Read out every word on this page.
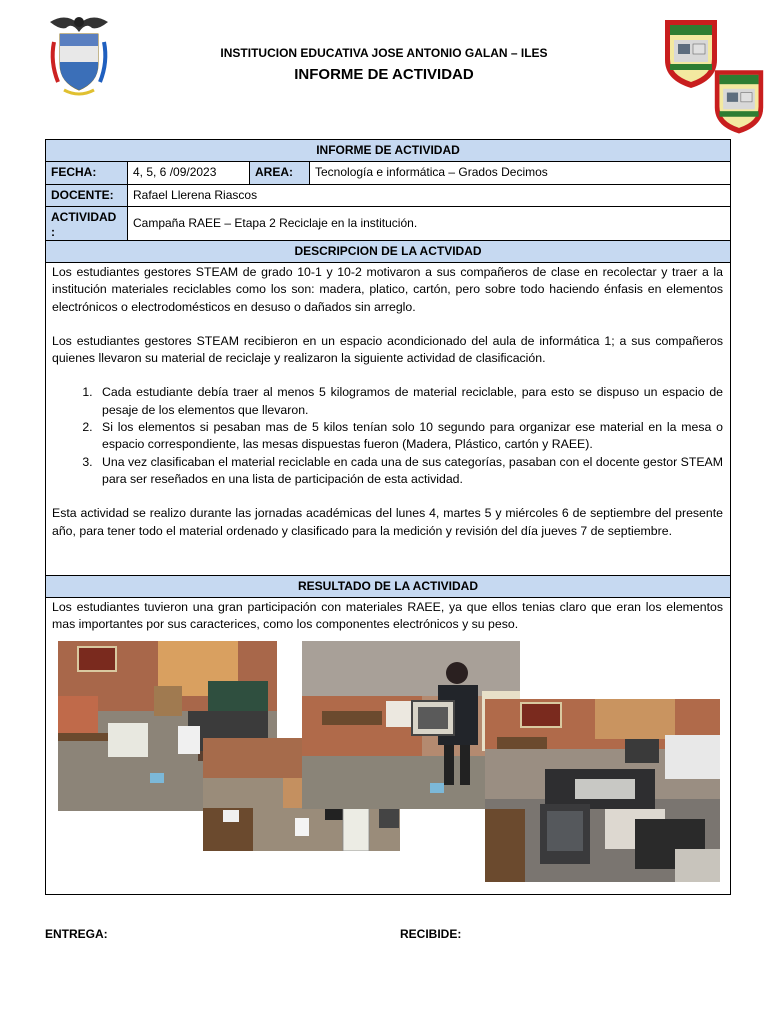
INSTITUCION EDUCATIVA JOSE ANTONIO GALAN – ILES
INFORME DE ACTIVIDAD
INFORME DE ACTIVIDAD
FECHA:	4, 5, 6 /09/2023	AREA:	Tecnología e informática – Grados Decimos
DOCENTE:	Rafael Llerena Riascos
ACTIVIDAD :
Campaña RAEE – Etapa 2 Reciclaje en la institución.
DESCRIPCION DE LA ACTVIDAD

Los estudiantes gestores STEAM de grado 10-1 y 10-2 motivaron a sus compañeros de clase en recolectar y traer a la institución materiales reciclables como los son: madera, platico, cartón, pero sobre todo haciendo énfasis en elementos electrónicos o electrodomésticos en desuso o dañados sin arreglo.

Los estudiantes gestores STEAM recibieron en un espacio acondicionado del aula de informática 1; a sus compañeros quienes llevaron su material de reciclaje y realizaron la siguiente actividad de clasificación.

1. Cada estudiante debía traer al menos 5 kilogramos de material reciclable, para esto se dispuso un espacio de pesaje de los elementos que llevaron.
2. Si los elementos si pesaban mas de 5 kilos tenían solo 10 segundo para organizar ese material en la mesa o espacio correspondiente, las mesas dispuestas fueron (Madera, Plástico, cartón y RAEE).
3. Una vez clasificaban el material reciclable en cada una de sus categorías, pasaban con el docente gestor STEAM para ser reseñados en una lista de participación de esta actividad.

Esta actividad se realizo durante las jornadas académicas del lunes 4, martes 5 y miércoles 6 de septiembre del presente año, para tener todo el material ordenado y clasificado para la medición y revisión del día jueves 7 de septiembre.

RESULTADO DE LA ACTIVIDAD
Los estudiantes tuvieron una gran participación con materiales RAEE, ya que ellos tenias claro que eran los elementos mas importantes por sus caracterices, como los componentes electrónicos y su peso.
ENTREGA:	RECIBIDE:
